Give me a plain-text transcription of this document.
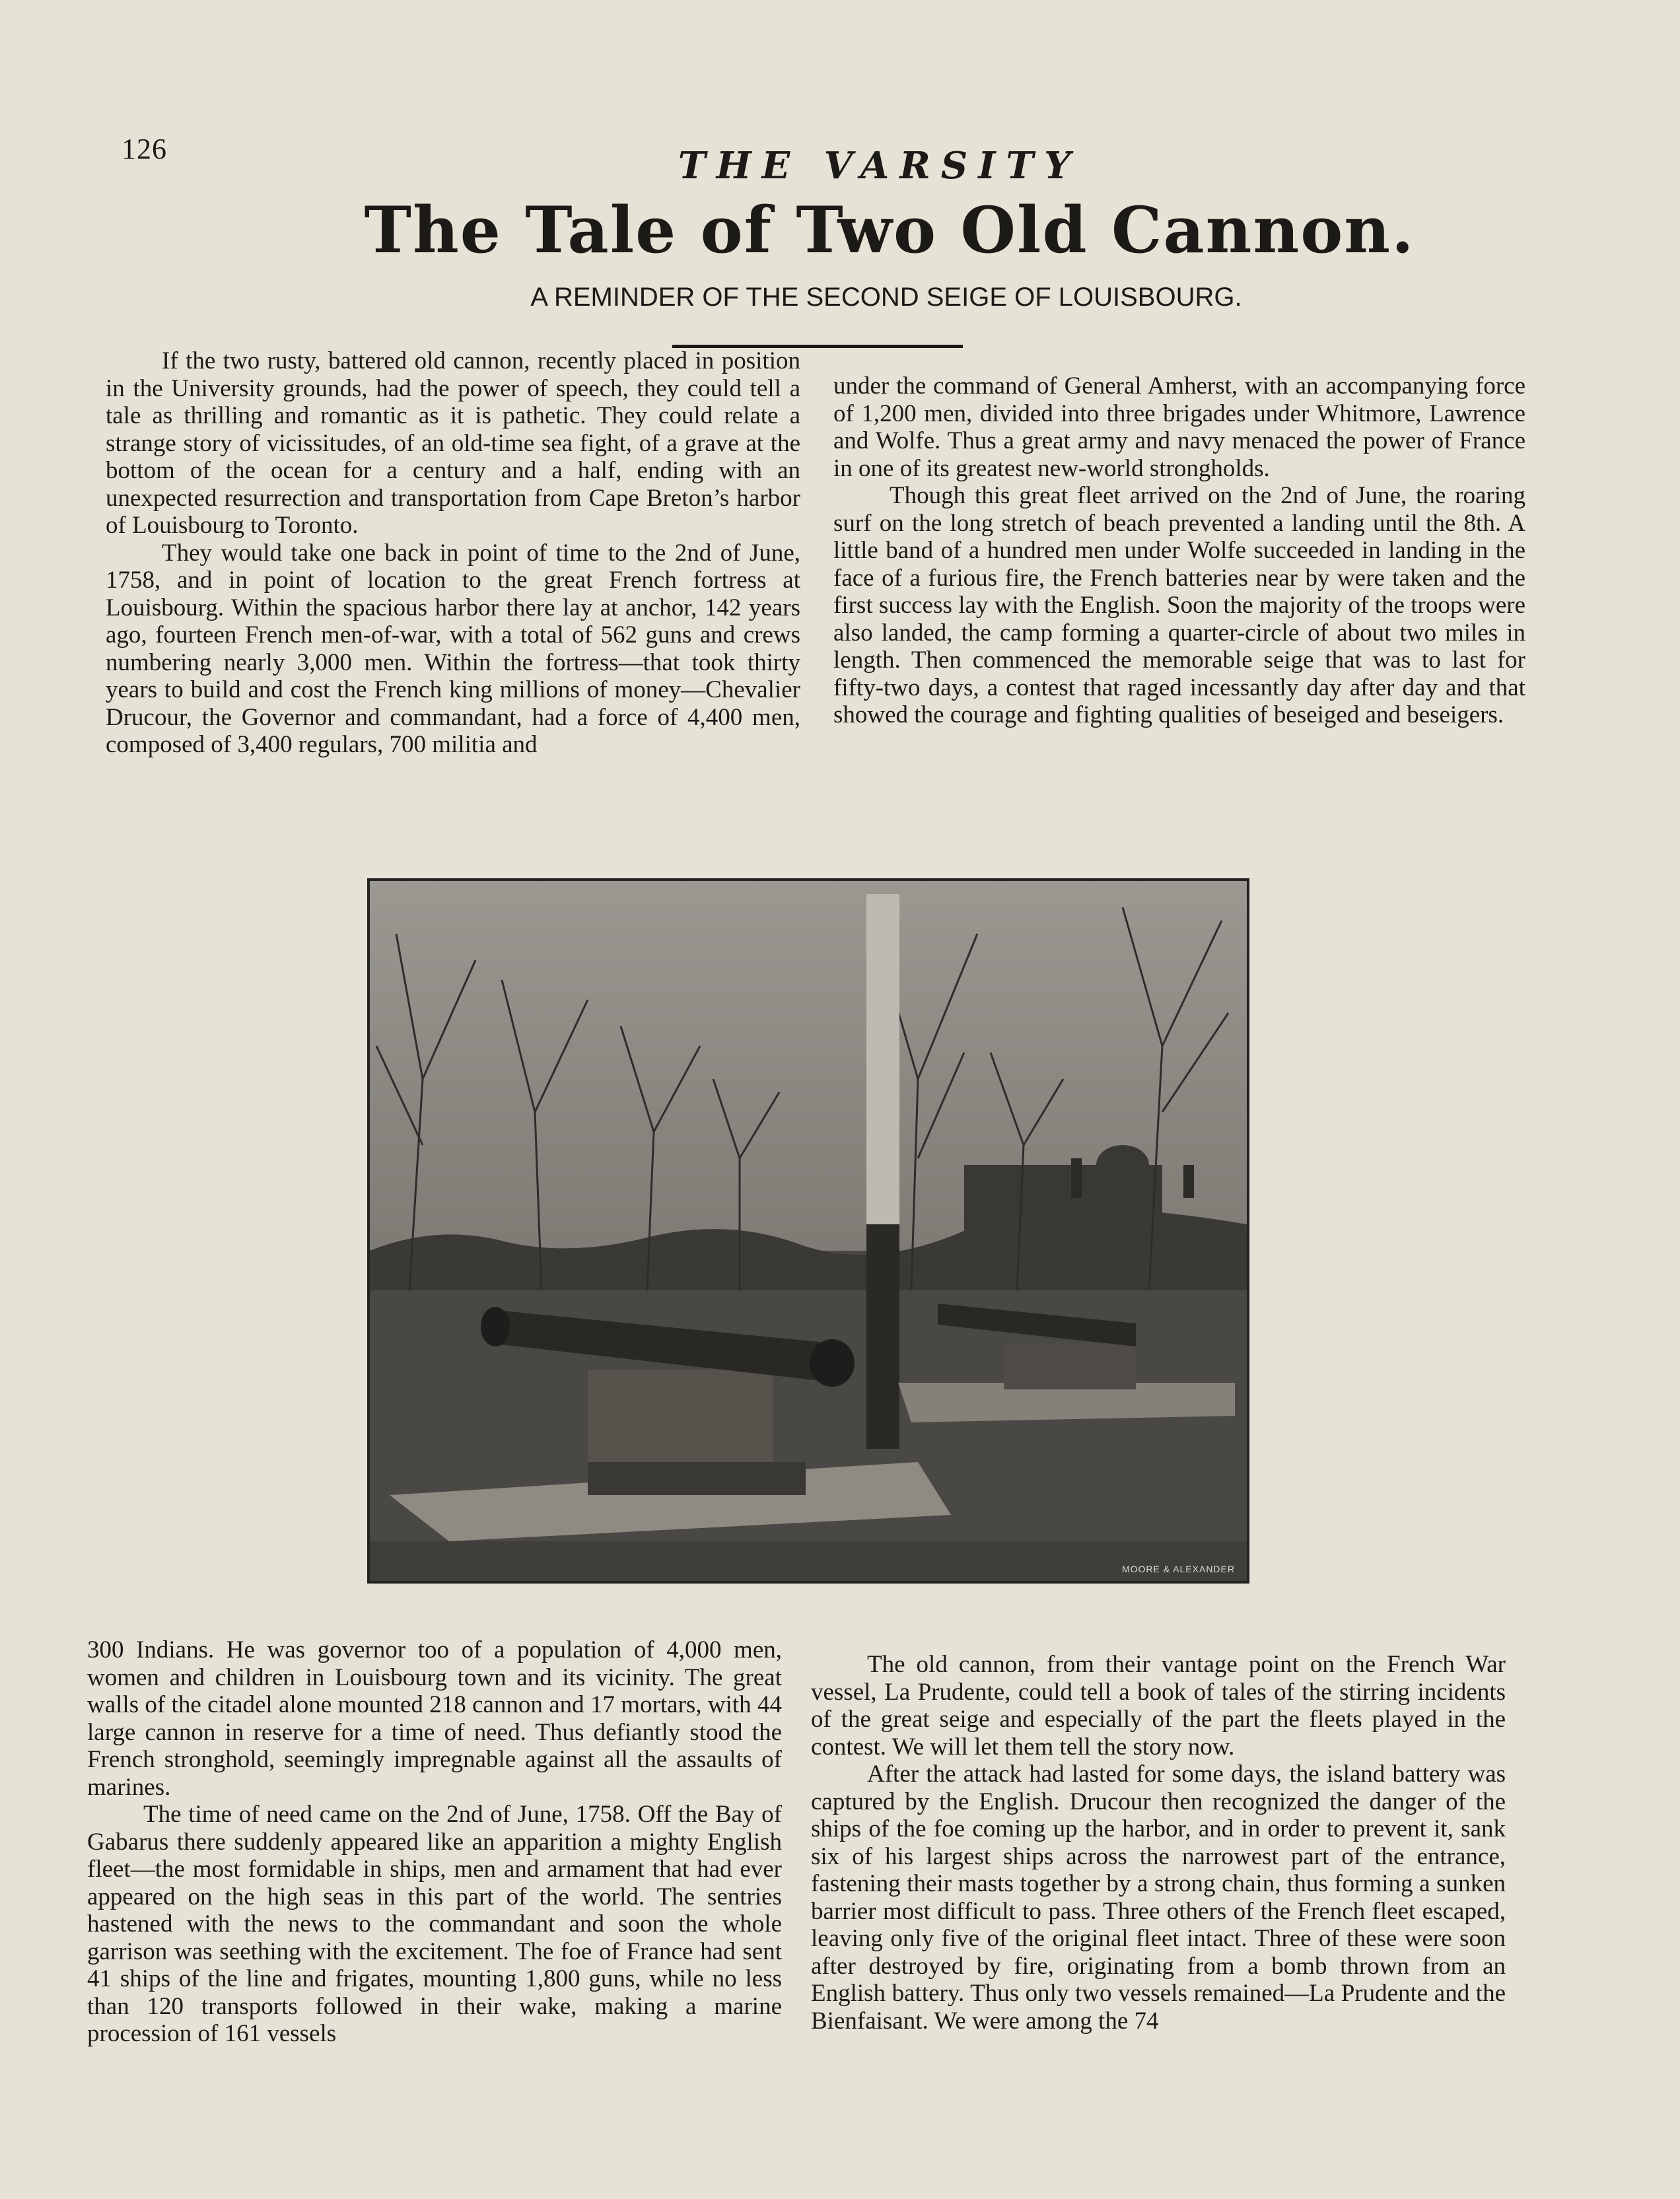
126	THE VARSITY
The Tale of Two Old Cannon.
A REMINDER OF THE SECOND SEIGE OF LOUISBOURG.

If the two rusty, battered old cannon, recently placed in position in the University grounds, had the power of speech, they could tell a tale as thrilling and romantic as it is pathetic. They could relate a strange story of vicissitudes, of an old-time sea fight, of a grave at the bottom of the ocean for a century and a half, ending with an unexpected resurrection and transportation from Cape Breton’s harbor of Louisbourg to Toronto.

They would take one back in point of time to the 2nd of June, 1758, and in point of location to the great French fortress at Louisbourg. Within the spacious harbor there lay at anchor, 142 years ago, fourteen French men-of-war, with a total of 562 guns and crews numbering nearly 3,000 men. Within the fortress—that took thirty years to build and cost the French king millions of money—Chevalier Drucour, the Governor and commandant, had a force of 4,400 men, composed of 3,400 regulars, 700 militia and

under the command of General Amherst, with an accompanying force of 1,200 men, divided into three brigades under Whitmore, Lawrence and Wolfe. Thus a great army and navy menaced the power of France in one of its greatest new-world strongholds.

Though this great fleet arrived on the 2nd of June, the roaring surf on the long stretch of beach prevented a landing until the 8th. A little band of a hundred men under Wolfe succeeded in landing in the face of a furious fire, the French batteries near by were taken and the first success lay with the English. Soon the majority of the troops were also landed, the camp forming a quarter-circle of about two miles in length. Then commenced the memorable seige that was to last for fifty-two days, a contest that raged incessantly day after day and that showed the courage and fighting qualities of beseiged and beseigers.

MOORE & ALEXANDER

300 Indians. He was governor too of a population of 4,000 men, women and children in Louisbourg town and its vicinity. The great walls of the citadel alone mounted 218 cannon and 17 mortars, with 44 large cannon in reserve for a time of need. Thus defiantly stood the French stronghold, seemingly impregnable against all the assaults of marines.

The time of need came on the 2nd of June, 1758. Off the Bay of Gabarus there suddenly appeared like an apparition a mighty English fleet—the most formidable in ships, men and armament that had ever appeared on the high seas in this part of the world. The sentries hastened with the news to the commandant and soon the whole garrison was seething with the excitement. The foe of France had sent 41 ships of the line and frigates, mounting 1,800 guns, while no less than 120 transports followed in their wake, making a marine procession of 161 vessels

The old cannon, from their vantage point on the French War vessel, La Prudente, could tell a book of tales of the stirring incidents of the great seige and especially of the part the fleets played in the contest. We will let them tell the story now.

After the attack had lasted for some days, the island battery was captured by the English. Drucour then recognized the danger of the ships of the foe coming up the harbor, and in order to prevent it, sank six of his largest ships across the narrowest part of the entrance, fastening their masts together by a strong chain, thus forming a sunken barrier most difficult to pass. Three others of the French fleet escaped, leaving only five of the original fleet intact. Three of these were soon after destroyed by fire, originating from a bomb thrown from an English battery. Thus only two vessels remained—La Prudente and the Bienfaisant. We were among the 74
